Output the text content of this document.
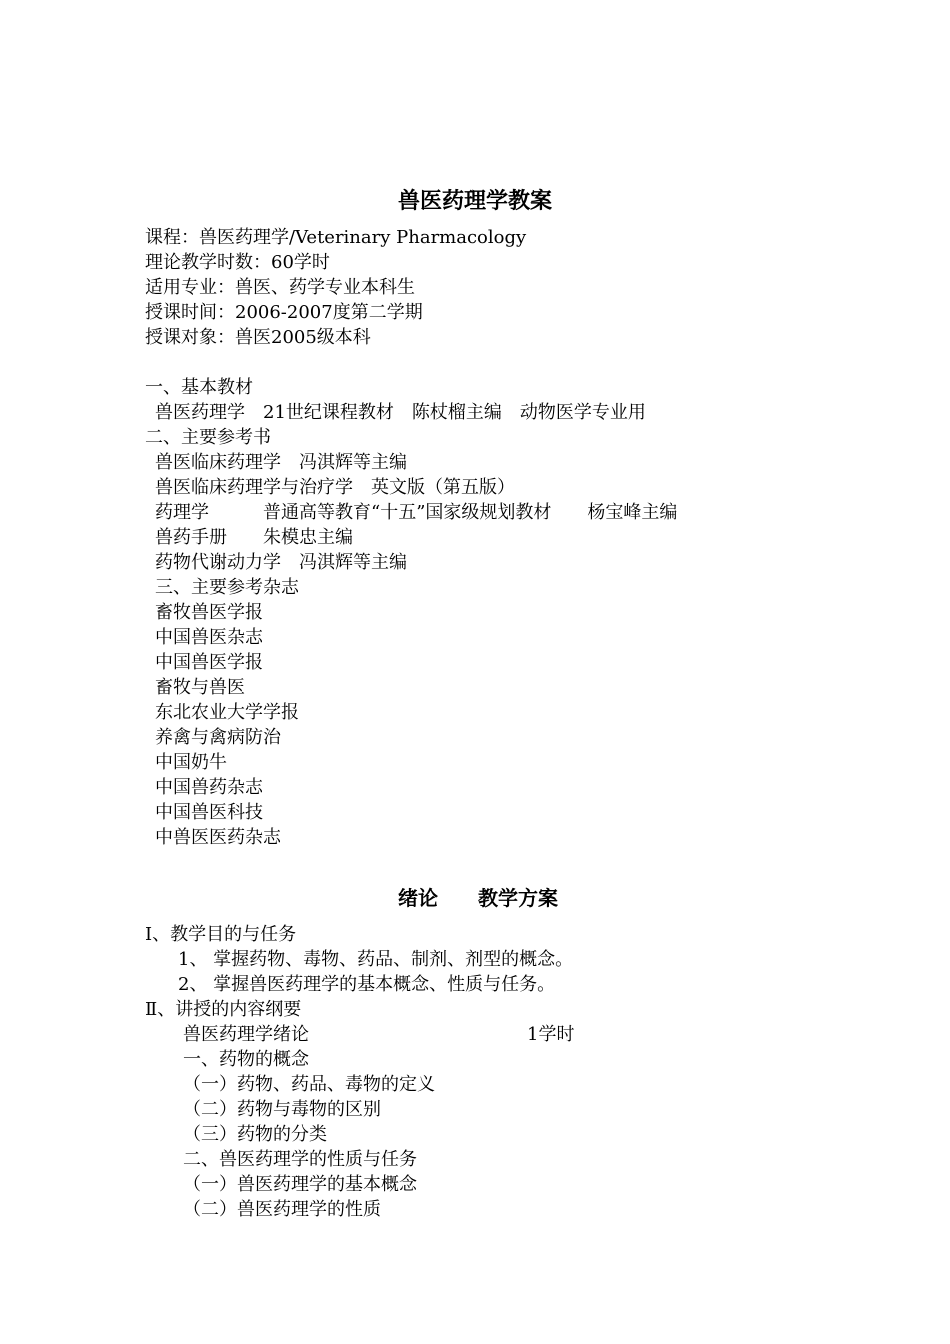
兽医药理学教案
课程：兽医药理学/Veterinary Pharmacology
理论教学时数：60学时
适用专业：兽医、药学专业本科生
授课时间：2006-2007度第二学期
授课对象：兽医2005级本科
一、基本教材
兽医药理学　21世纪课程教材　陈杖榴主编　动物医学专业用
二、主要参考书
兽医临床药理学　冯淇辉等主编
兽医临床药理学与治疗学　英文版（第五版）
药理学　　　普通高等教育“十五”国家级规划教材　　杨宝峰主编
兽药手册　　朱模忠主编
药物代谢动力学　冯淇辉等主编
三、主要参考杂志
畜牧兽医学报
中国兽医杂志
中国兽医学报
畜牧与兽医
东北农业大学学报
养禽与禽病防治
中国奶牛
中国兽药杂志
中国兽医科技
中兽医医药杂志
绪论　　教学方案
Ⅰ、教学目的与任务
1、 掌握药物、毒物、药品、制剂、剂型的概念。
2、 掌握兽医药理学的基本概念、性质与任务。
Ⅱ、讲授的内容纲要
兽医药理学绪论	1学时
一、药物的概念
（一）药物、药品、毒物的定义
（二）药物与毒物的区别
（三）药物的分类
二、兽医药理学的性质与任务
（一）兽医药理学的基本概念
（二）兽医药理学的性质
